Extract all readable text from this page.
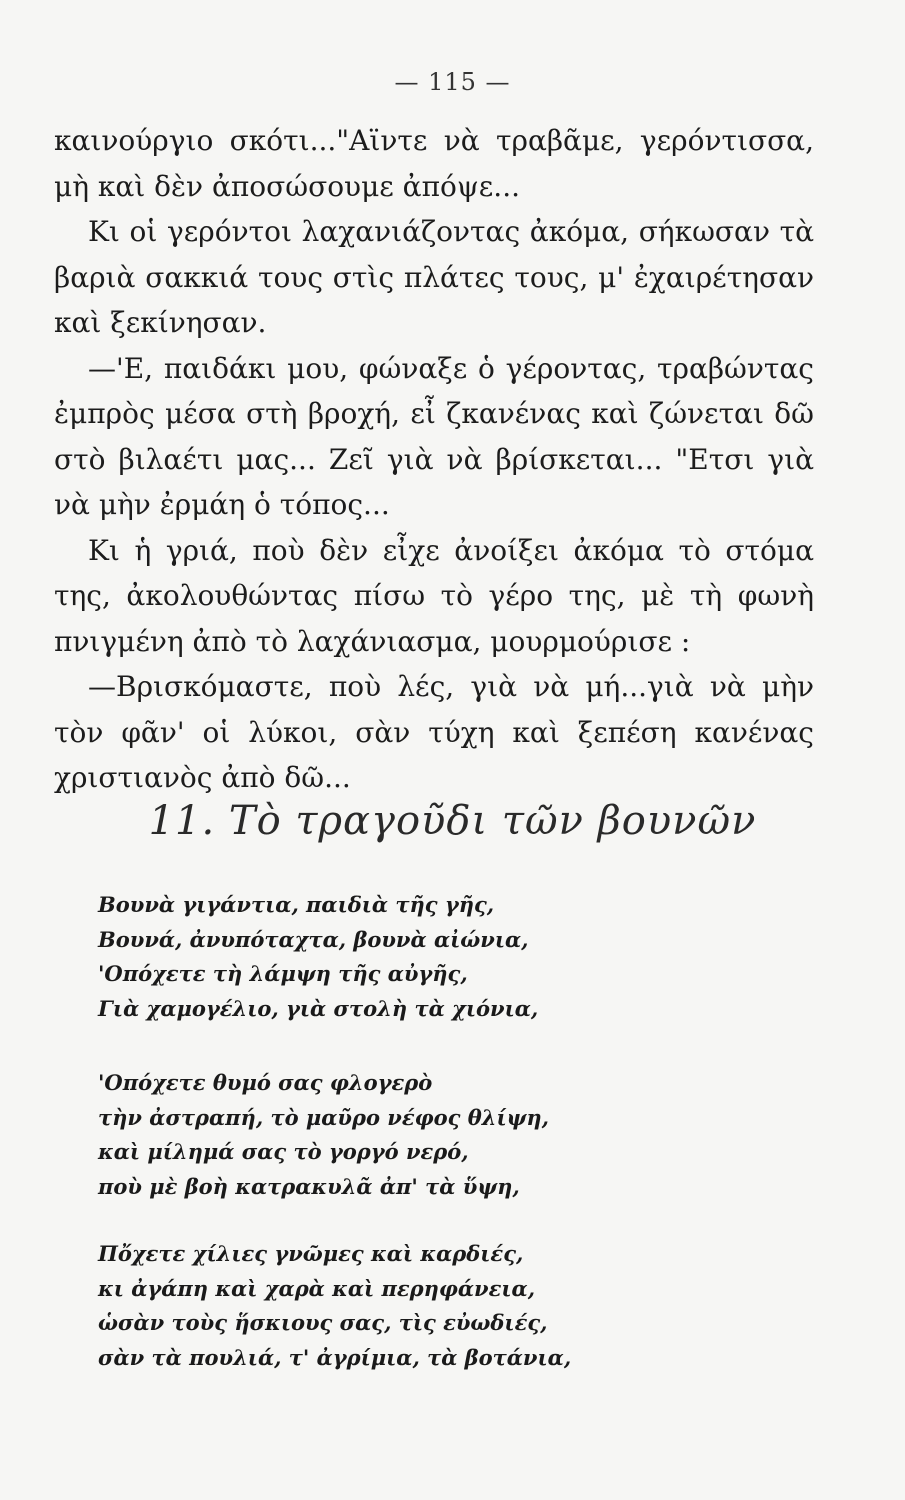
— 115 —

καινούργιο σκότι..."Αϊντε νὰ τραβᾶμε, γερόντισσα, μὴ καὶ δὲν ἀποσώσουμε ἀπόψε...

Κι οἱ γερόντοι λαχανιάζοντας ἀκόμα, σήκωσαν τὰ βαριὰ σακκιά τους στὶς πλάτες τους, μ' ἐχαιρέτησαν καὶ ξεκίνησαν.

—'Ε, παιδάκι μου, φώναξε ὁ γέροντας, τραβώντας ἐμπρὸς μέσα στὴ βροχή, εἶ ζκανένας καὶ ζώνεται δῶ στὸ βιλαέτι μας... Ζεῖ γιὰ νὰ βρίσκεται... "Ετσι γιὰ νὰ μὴν ἐρμάη ὁ τόπος...

Κι ἡ γριά, ποὺ δὲν εἶχε ἀνοίξει ἀκόμα τὸ στόμα της, ἀκολουθώντας πίσω τὸ γέρο της, μὲ τὴ φωνὴ πνιγμένη ἀπὸ τὸ λαχάνιασμα, μουρμούρισε :

—Βρισκόμαστε, ποὺ λές, γιὰ νὰ μή...γιὰ νὰ μὴν τὸν φᾶν' οἱ λύκοι, σὰν τύχη καὶ ξεπέση κανένας χριστιανὸς ἀπὸ δῶ...

11. Τὸ τραγοῦδι τῶν βουνῶν
Βουνὰ γιγάντια, παιδιὰ τῆς γῆς,
Βουνά, ἀνυπόταχτα, βουνὰ αἰώνια,
'Οπόχετε τὴ λάμψη τῆς αὐγῆς,
Γιὰ χαμογέλιο, γιὰ στολὴ τὰ χιόνια,
'Οπόχετε θυμό σας φλογερὸ
τὴν ἀστραπή, τὸ μαῦρο νέφος θλίψη,
καὶ μίλημά σας τὸ γοργό νερό,
ποὺ μὲ βοὴ κατρακυλᾶ ἀπ' τὰ ὕψη,
Πὄχετε χίλιες γνῶμες καὶ καρδιές,
κι ἀγάπη καὶ χαρὰ καὶ περηφάνεια,
ὡσὰν τοὺς ἥσκιους σας, τὶς εὐωδιές,
σὰν τὰ πουλιά, τ' ἀγρίμια, τὰ βοτάνια,
